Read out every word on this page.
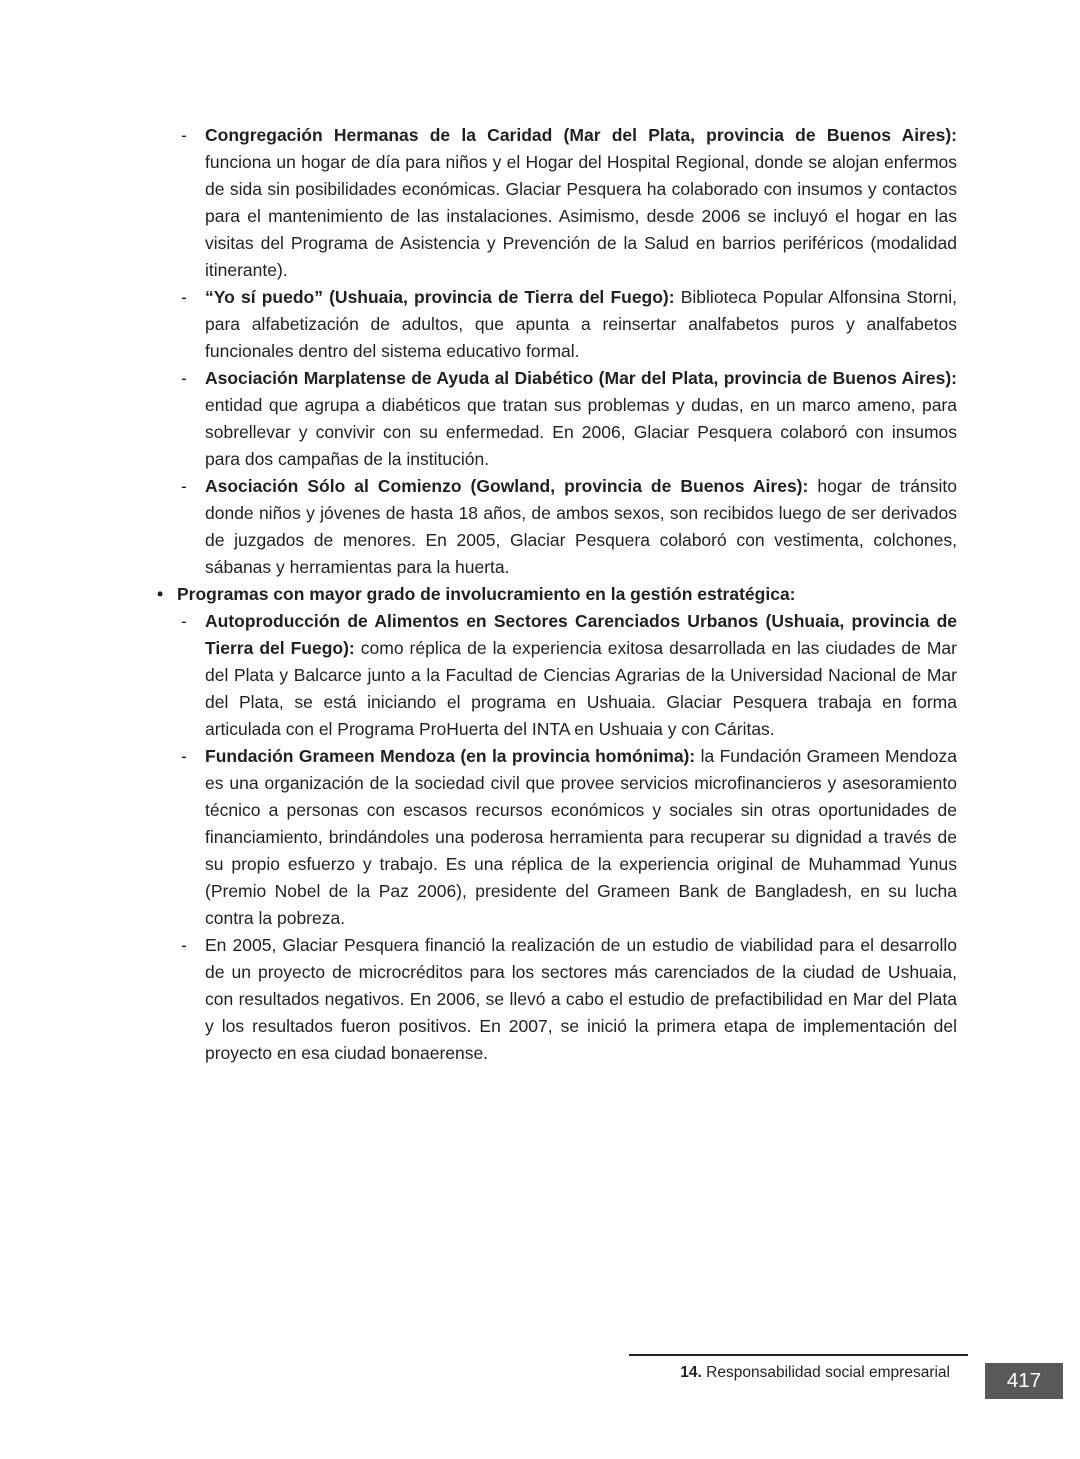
- Congregación Hermanas de la Caridad (Mar del Plata, provincia de Buenos Aires): funciona un hogar de día para niños y el Hogar del Hospital Regional, donde se alojan enfermos de sida sin posibilidades económicas. Glaciar Pesquera ha colaborado con insumos y contactos para el mantenimiento de las instalaciones. Asimismo, desde 2006 se incluyó el hogar en las visitas del Programa de Asistencia y Prevención de la Salud en barrios periféricos (modalidad itinerante).
- “Yo sí puedo” (Ushuaia, provincia de Tierra del Fuego): Biblioteca Popular Alfonsina Storni, para alfabetización de adultos, que apunta a reinsertar analfabetos puros y analfabetos funcionales dentro del sistema educativo formal.
- Asociación Marplatense de Ayuda al Diabético (Mar del Plata, provincia de Buenos Aires): entidad que agrupa a diabéticos que tratan sus problemas y dudas, en un marco ameno, para sobrellevar y convivir con su enfermedad. En 2006, Glaciar Pesquera colaboró con insumos para dos campañas de la institución.
- Asociación Sólo al Comienzo (Gowland, provincia de Buenos Aires): hogar de tránsito donde niños y jóvenes de hasta 18 años, de ambos sexos, son recibidos luego de ser derivados de juzgados de menores. En 2005, Glaciar Pesquera colaboró con vestimenta, colchones, sábanas y herramientas para la huerta.
• Programas con mayor grado de involucramiento en la gestión estratégica:
- Autoproducción de Alimentos en Sectores Carenciados Urbanos (Ushuaia, provincia de Tierra del Fuego): como réplica de la experiencia exitosa desarrollada en las ciudades de Mar del Plata y Balcarce junto a la Facultad de Ciencias Agrarias de la Universidad Nacional de Mar del Plata, se está iniciando el programa en Ushuaia. Glaciar Pesquera trabaja en forma articulada con el Programa ProHuerta del INTA en Ushuaia y con Cáritas.
- Fundación Grameen Mendoza (en la provincia homónima): la Fundación Grameen Mendoza es una organización de la sociedad civil que provee servicios microfinancieros y asesoramiento técnico a personas con escasos recursos económicos y sociales sin otras oportunidades de financiamiento, brindándoles una poderosa herramienta para recuperar su dignidad a través de su propio esfuerzo y trabajo. Es una réplica de la experiencia original de Muhammad Yunus (Premio Nobel de la Paz 2006), presidente del Grameen Bank de Bangladesh, en su lucha contra la pobreza.
- En 2005, Glaciar Pesquera financió la realización de un estudio de viabilidad para el desarrollo de un proyecto de microcréditos para los sectores más carenciados de la ciudad de Ushuaia, con resultados negativos. En 2006, se llevó a cabo el estudio de prefactibilidad en Mar del Plata y los resultados fueron positivos. En 2007, se inició la primera etapa de implementación del proyecto en esa ciudad bonaerense.
14. Responsabilidad social empresarial	417
